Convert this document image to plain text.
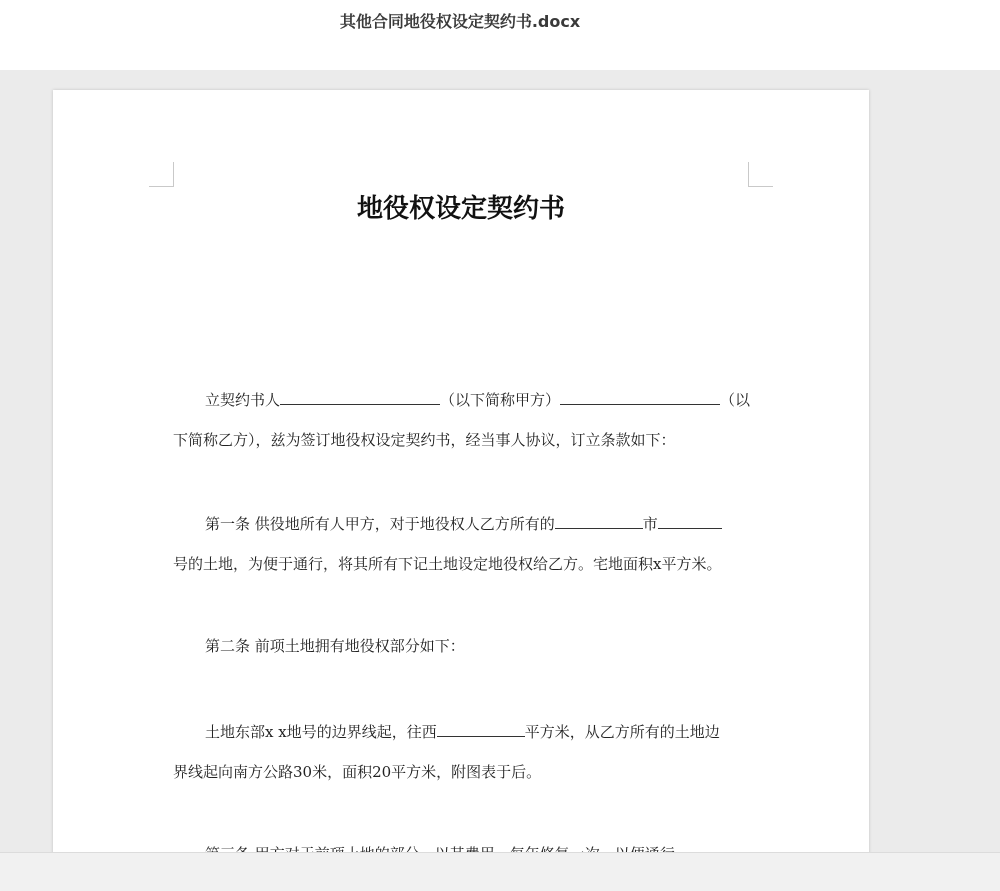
其他合同地役权设定契约书.docx
地役权设定契约书
立契约书人	（以下简称甲方）	（以
下简称乙方），兹为签订地役权设定契约书，经当事人协议，订立条款如下：
第一条 供役地所有人甲方，对于地役权人乙方所有的	市
号的土地，为便于通行，将其所有下记土地设定地役权给乙方。宅地面积x平方米。
第二条 前项土地拥有地役权部分如下：
土地东部x x地号的边界线起，往西	平方米，从乙方所有的土地边
界线起向南方公路30米，面积20平方米，附图表于后。
